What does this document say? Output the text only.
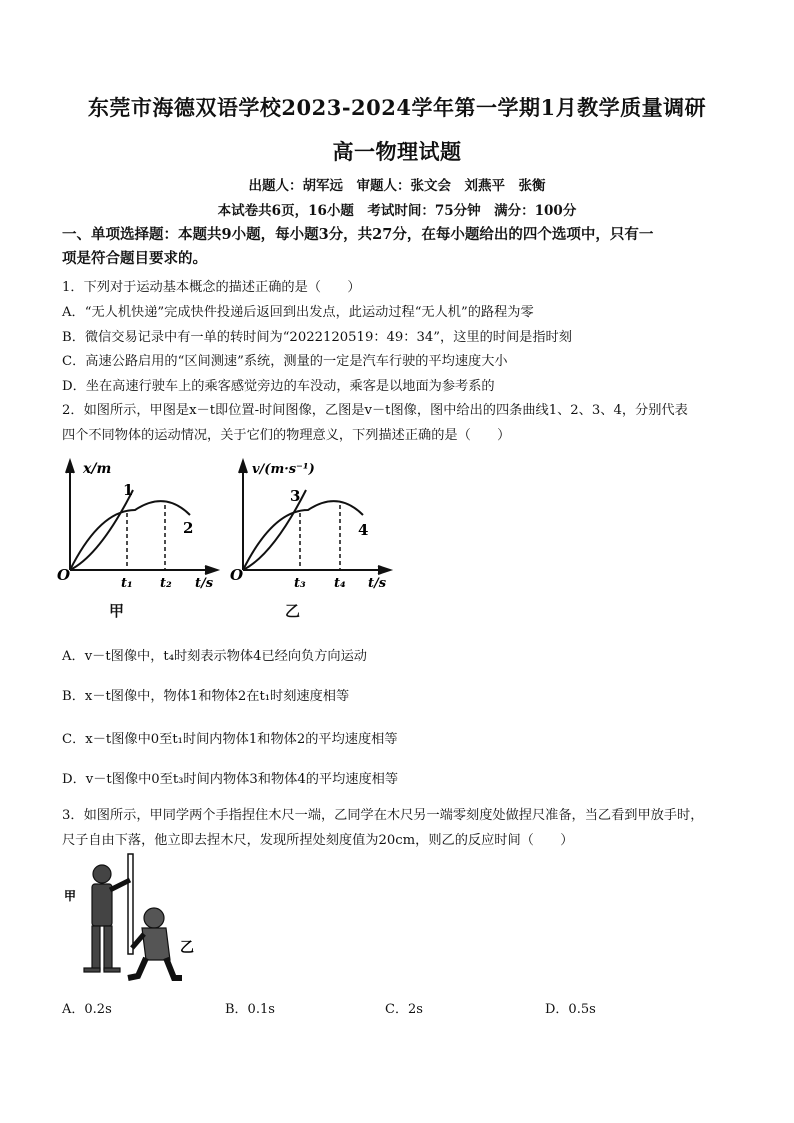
东莞市海德双语学校2023-2024学年第一学期1月教学质量调研
高一物理试题
出题人：胡军远　审题人：张文会　刘燕平　张衡
本试卷共6页，16小题　考试时间：75分钟　满分：100分
一、单项选择题：本题共9小题，每小题3分，共27分，在每小题给出的四个选项中，只有一
项是符合题目要求的。
1．下列对于运动基本概念的描述正确的是（　　）
A．“无人机快递”完成快件投递后返回到出发点，此运动过程“无人机”的路程为零
B．微信交易记录中有一单的转时间为“2022120519：49：34”，这里的时间是指时刻
C．高速公路启用的“区间测速”系统，测量的一定是汽车行驶的平均速度大小
D．坐在高速行驶车上的乘客感觉旁边的车没动，乘客是以地面为参考系的
2．如图所示，甲图是x－t即位置-时间图像，乙图是v－t图像，图中给出的四条曲线1、2、3、4，分别代表
四个不同物体的运动情况，关于它们的物理意义，下列描述正确的是（　　）
x/m
t/s
O
1
2
t₁ t₂
甲
v/(m·s⁻¹)
t/s
O
3
4
t₃ t₄
乙
A．v－t图像中，t₄时刻表示物体4已经向负方向运动
B．x－t图像中，物体1和物体2在t₁时刻速度相等
C．x－t图像中0至t₁时间内物体1和物体2的平均速度相等
D．v－t图像中0至t₃时间内物体3和物体4的平均速度相等
3．如图所示，甲同学两个手指捏住木尺一端，乙同学在木尺另一端零刻度处做捏尺准备，当乙看到甲放手时，
尺子自由下落，他立即去捏木尺，发现所捏处刻度值为20cm，则乙的反应时间（　　）
甲
乙
A．0.2s	B．0.1s	C．2s	D．0.5s
